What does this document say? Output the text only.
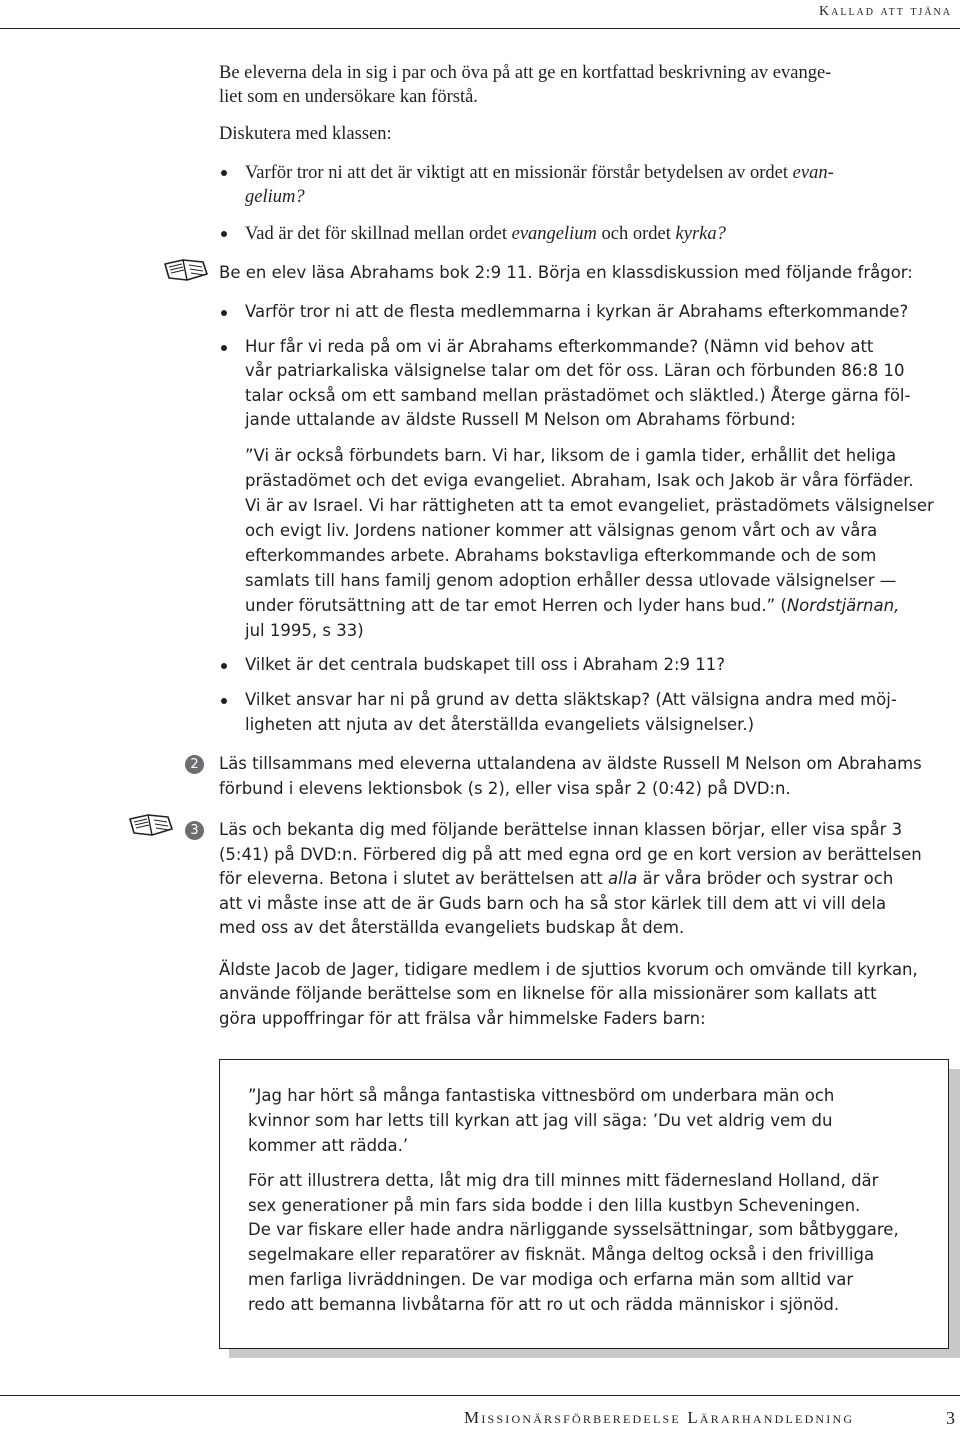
Kallad att tjäna
Be eleverna dela in sig i par och öva på att ge en kortfattad beskrivning av evange-
liet som en undersökare kan förstå.
Diskutera med klassen:
Varför tror ni att det är viktigt att en missionär förstår betydelsen av ordet evan-
gelium?
Vad är det för skillnad mellan ordet evangelium och ordet kyrka?
Be en elev läsa Abrahams bok 2:9 11. Börja en klassdiskussion med följande frågor:
Varför tror ni att de flesta medlemmarna i kyrkan är Abrahams efterkommande?
Hur får vi reda på om vi är Abrahams efterkommande? (Nämn vid behov att
vår patriarkaliska välsignelse talar om det för oss. Läran och förbunden 86:8 10
talar också om ett samband mellan prästadömet och släktled.) Återge gärna föl-
jande uttalande av äldste Russell M Nelson om Abrahams förbund:
”Vi är också förbundets barn. Vi har, liksom de i gamla tider, erhållit det heliga
prästadömet och det eviga evangeliet. Abraham, Isak och Jakob är våra förfäder.
Vi är av Israel. Vi har rättigheten att ta emot evangeliet, prästadömets välsignelser
och evigt liv. Jordens nationer kommer att välsignas genom vårt och av våra
efterkommandes arbete. Abrahams bokstavliga efterkommande och de som
samlats till hans familj genom adoption erhåller dessa utlovade välsignelser —
under förutsättning att de tar emot Herren och lyder hans bud.” (Nordstjärnan,
jul 1995, s 33)
Vilket är det centrala budskapet till oss i Abraham 2:9 11?
Vilket ansvar har ni på grund av detta släktskap? (Att välsigna andra med möj-
ligheten att njuta av det återställda evangeliets välsignelser.)
2	Läs tillsammans med eleverna uttalandena av äldste Russell M Nelson om Abrahams
förbund i elevens lektionsbok (s 2), eller visa spår 2 (0:42) på DVD:n.
3	Läs och bekanta dig med följande berättelse innan klassen börjar, eller visa spår 3
(5:41) på DVD:n. Förbered dig på att med egna ord ge en kort version av berättelsen
för eleverna. Betona i slutet av berättelsen att alla är våra bröder och systrar och
att vi måste inse att de är Guds barn och ha så stor kärlek till dem att vi vill dela
med oss av det återställda evangeliets budskap åt dem.
Äldste Jacob de Jager, tidigare medlem i de sjuttios kvorum och omvände till kyrkan,
använde följande berättelse som en liknelse för alla missionärer som kallats att
göra uppoffringar för att frälsa vår himmelske Faders barn:
”Jag har hört så många fantastiska vittnesbörd om underbara män och
kvinnor som har letts till kyrkan att jag vill säga: ’Du vet aldrig vem du
kommer att rädda.’
För att illustrera detta, låt mig dra till minnes mitt fädernesland Holland, där
sex generationer på min fars sida bodde i den lilla kustbyn Scheveningen.
De var fiskare eller hade andra närliggande sysselsättningar, som båtbyggare,
segelmakare eller reparatörer av fisknät. Många deltog också i den frivilliga
men farliga livräddningen. De var modiga och erfarna män som alltid var
redo att bemanna livbåtarna för att ro ut och rädda människor i sjönöd.
Missionärsförberedelse Lärarhandledning	3
